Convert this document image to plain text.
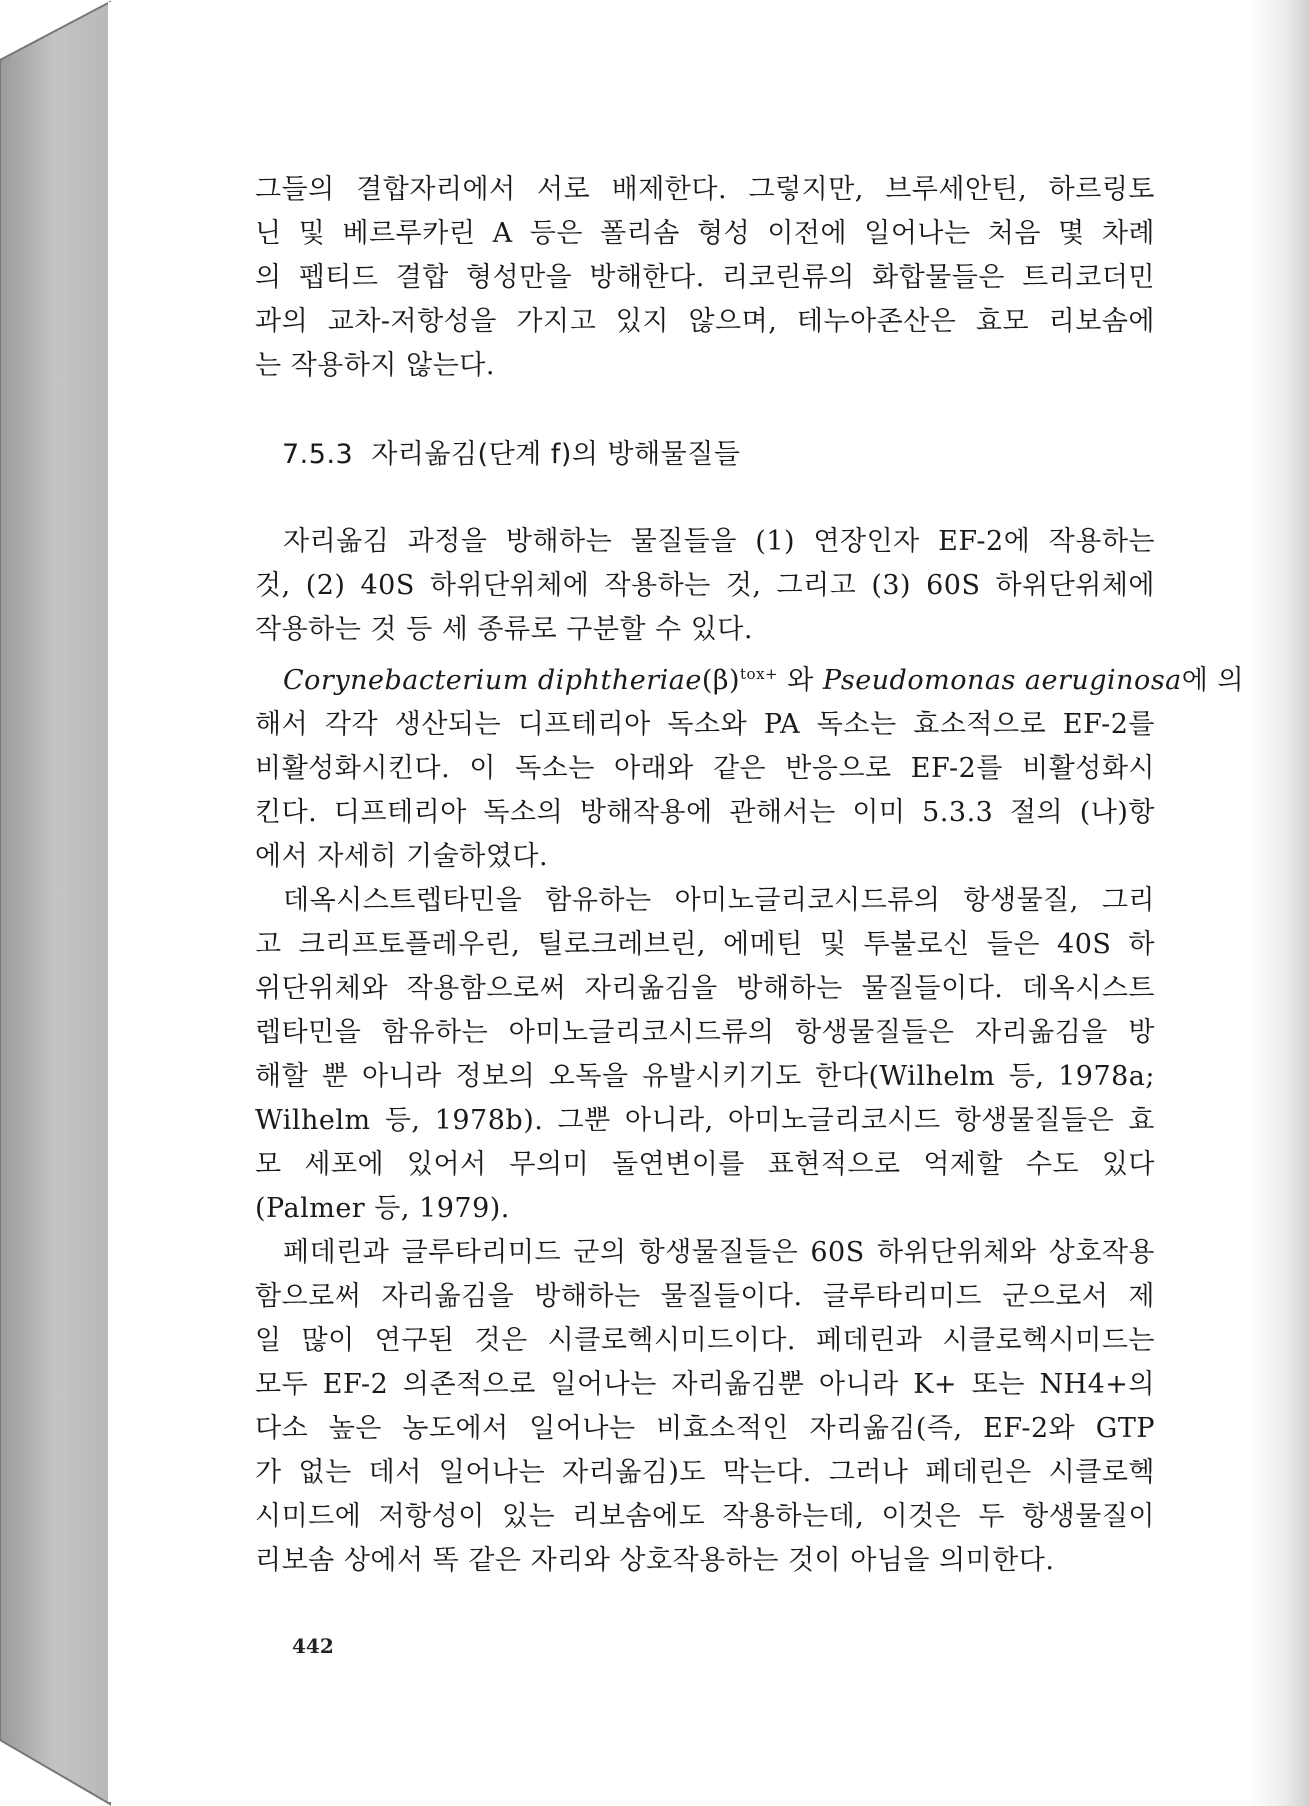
그들의 결합자리에서 서로 배제한다. 그렇지만, 브루세안틴, 하르링토
닌 및 베르루카린 A 등은 폴리솜 형성 이전에 일어나는 처음 몇 차례
의 펩티드 결합 형성만을 방해한다. 리코린류의 화합물들은 트리코더민
과의 교차-저항성을 가지고 있지 않으며, 테누아존산은 효모 리보솜에
는 작용하지 않는다.
7.5.3 자리옮김(단계 f)의 방해물질들
자리옮김 과정을 방해하는 물질들을 (1) 연장인자 EF-2에 작용하는
것, (2) 40S 하위단위체에 작용하는 것, 그리고 (3) 60S 하위단위체에
작용하는 것 등 세 종류로 구분할 수 있다.
Corynebacterium $diphtheriae(\beta)^{tox+}$ 와 Pseudomonas aeruginosa에 의
해서 각각 생산되는 디프테리아 독소와 PA 독소는 효소적으로 EF-2를
비활성화시킨다. 이 독소는 아래와 같은 반응으로 EF-2를 비활성화시
킨다. 디프테리아 독소의 방해작용에 관해서는 이미 5.3.3 절의 (나)항
에서 자세히 기술하였다.
데옥시스트렙타민을 함유하는 아미노글리코시드류의 항생물질, 그리
고 크리프토플레우린, 틸로크레브린, 에메틴 및 투불로신 들은 40S 하
위단위체와 작용함으로써 자리옮김을 방해하는 물질들이다. 데옥시스트
렙타민을 함유하는 아미노글리코시드류의 항생물질들은 자리옮김을 방
해할 뿐 아니라 정보의 오독을 유발시키기도 한다(Wilhelm 등, 1978a;
Wilhelm 등, 1978b). 그뿐 아니라, 아미노글리코시드 항생물질들은 효
모 세포에 있어서 무의미 돌연변이를 표현적으로 억제할 수도 있다
(Palmer 등, 1979).
페데린과 글루타리미드 군의 항생물질들은 60S 하위단위체와 상호작용
함으로써 자리옮김을 방해하는 물질들이다. 글루타리미드 군으로서 제
일 많이 연구된 것은 시클로헥시미드이다. 페데린과 시클로헥시미드는
모두 EF-2 의존적으로 일어나는 자리옮김뿐 아니라 K+ 또는 NH4+의
다소 높은 농도에서 일어나는 비효소적인 자리옮김(즉, EF-2와 GTP
가 없는 데서 일어나는 자리옮김)도 막는다. 그러나 페데린은 시클로헥
시미드에 저항성이 있는 리보솜에도 작용하는데, 이것은 두 항생물질이
리보솜 상에서 똑 같은 자리와 상호작용하는 것이 아님을 의미한다.
442
